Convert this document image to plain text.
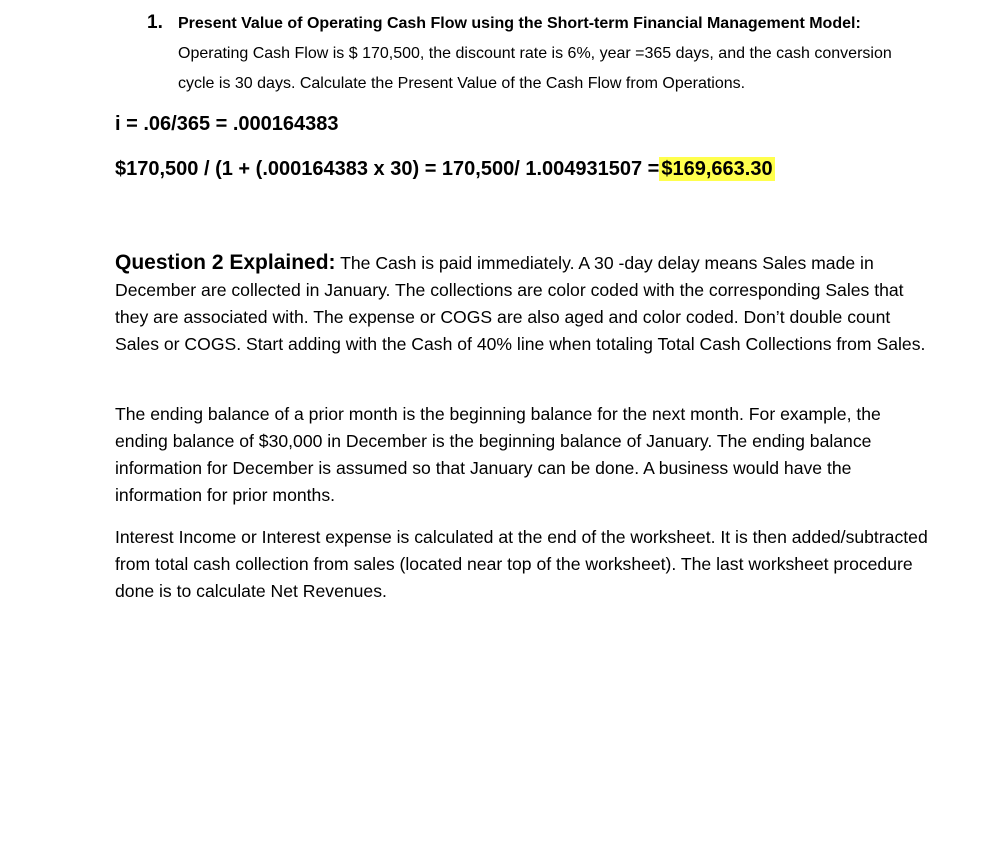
1. Present Value of Operating Cash Flow using the Short-term Financial Management Model:
Operating Cash Flow is $ 170,500, the discount rate is 6%, year =365 days, and the cash conversion cycle is 30 days. Calculate the Present Value of the Cash Flow from Operations.
i = .06/365 = .000164383
$170,500 / (1 + (.000164383 x 30) = 170,500/ 1.004931507 = $169,663.30

Question 2 Explained: The Cash is paid immediately. A 30 -day delay means Sales made in December are collected in January. The collections are color coded with the corresponding Sales that they are associated with. The expense or COGS are also aged and color coded. Don’t double count Sales or COGS. Start adding with the Cash of 40% line when totaling Total Cash Collections from Sales.

The ending balance of a prior month is the beginning balance for the next month. For example, the ending balance of $30,000 in December is the beginning balance of January. The ending balance information for December is assumed so that January can be done. A business would have the information for prior months.

Interest Income or Interest expense is calculated at the end of the worksheet. It is then added/subtracted from total cash collection from sales (located near top of the worksheet). The last worksheet procedure done is to calculate Net Revenues.
